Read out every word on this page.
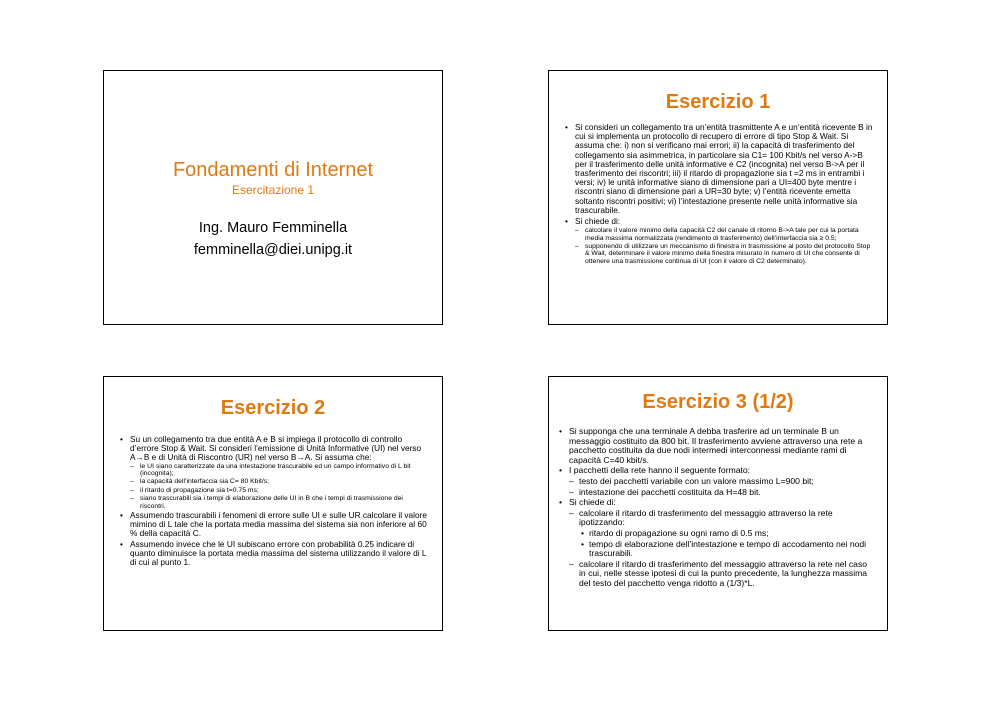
Fondamenti di Internet
Esercitazione 1
Ing. Mauro Femminella
femminella@diei.unipg.it
Esercizio 1
• Si consideri un collegamento tra un’entità trasmittente A e un’entità ricevente B in cui si implementa un protocollo di recupero di errore di tipo Stop & Wait. Si assuma che: i) non si verificano mai errori; ii) la capacità di trasferimento del collegamento sia asimmetrica, in particolare sia C1= 100 Kbit/s nel verso A->B per il trasferimento delle unità informative e C2 (incognita) nel verso B->A per il trasferimento dei riscontri; iii) il ritardo di propagazione sia t =2 ms in entrambi i versi; iv) le unità informative siano di dimensione pari a UI=400 byte mentre i riscontri siano di dimensione pari a UR=30 byte; v) l’entità ricevente emetta soltanto riscontri positivi; vi) l’intestazione presente nelle unità informative sia trascurabile.
• Si chiede di:
– calcolare il valore minimo della capacità C2 del canale di ritorno B->A tale per cui la portata media massima normalizzata (rendimento di trasferimento) dell’interfaccia sia ≥ 0.5;
– supponendo di utilizzare un meccanismo di finestra in trasmissione al posto del protocollo Stop & Wait, determinare il valore minimo della finestra misurato in numero di UI che consente di ottenere una trasmissione continua di UI (con il valore di C2 determinato).
Esercizio 2
• Su un collegamento tra due entità A e B si impiega il protocollo di controllo d’errore Stop & Wait. Si consideri l’emissione di Unità Informative (UI) nel verso A→B e di Unità di Riscontro (UR) nel verso B→A. Si assuma che:
– le UI siano caratterizzate da una intestazione trascurabile ed un campo informativo di L bit (incognita);
– la capacità dell’interfaccia sia C= 80 Kbit/s;
– il ritardo di propagazione sia t=0.75 ms;
– siano trascurabili sia i tempi di elaborazione delle UI in B che i tempi di trasmissione dei riscontri.
• Assumendo trascurabili i fenomeni di errore sulle UI e sulle UR calcolare il valore mimino di L tale che la portata media massima del sistema sia non inferiore al 60 % della capacità C.
• Assumendo invece che le UI subiscano errore con probabilità 0.25 indicare di quanto diminuisce la portata media massima del sistema utilizzando il valore di L di cui al punto 1.
Esercizio 3 (1/2)
• Si supponga che una terminale A debba trasferire ad un terminale B un messaggio costituito da 800 bit. Il trasferimento avviene attraverso una rete a pacchetto costituita da due nodi intermedi interconnessi mediante rami di capacità C=40 kbit/s.
• I pacchetti della rete hanno il seguente formato:
– testo dei pacchetti variabile con un valore massimo L=900 bit;
– intestazione dei pacchetti costituita da H=48 bit.
• Si chiede di:
– calcolare il ritardo di trasferimento del messaggio attraverso la rete ipotizzando:
• ritardo di propagazione su ogni ramo di 0.5 ms;
• tempo di elaborazione dell’intestazione e tempo di accodamento nei nodi trascurabili.
– calcolare il ritardo di trasferimento del messaggio attraverso la rete nel caso in cui, nelle stesse ipotesi di cui la punto precedente, la lunghezza massima del testo del pacchetto venga ridotto a (1/3)*L.
